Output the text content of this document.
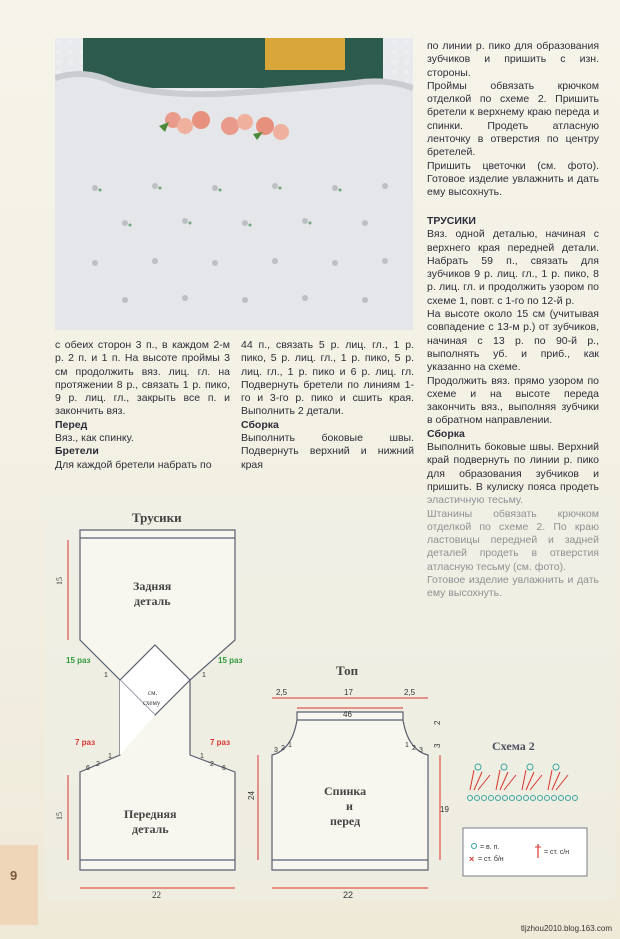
по линии р. пико для образования зубчиков и пришить с изн. стороны.

Проймы обвязать крючком отделкой по схеме 2. Пришить бретели к верхнему краю переда и спинки. Продеть атласную ленточку в отверстия по центру бретелей.

Пришить цветочки (см. фото). Готовое изделие увлажнить и дать ему высохнуть.

ТРУСИКИ

Вяз. одной деталью, начиная с верхнего края передней детали. Набрать 59 п., связать для зубчиков 9 р. лиц. гл., 1 р. пико, 8 р. лиц. гл. и продолжить узором по схеме 1, повт. с 1-го по 12-й р.

На высоте около 15 см (учитывая совпадение с 13-м р.) от зубчиков, начиная с 13 р. по 90-й р., выполнять уб. и приб., как указанно на схеме.

Продолжить вяз. прямо узором по схеме и на высоте переда закончить вяз., выполняя зубчики в обратном направлении.

Сборка

Выполнить боковые швы. Верхний край подвернуть по линии р. пико для образования зубчиков и пришить. В кулиску пояса продеть

с обеих сторон 3 п., в каждом 2-м р. 2 п. и 1 п. На высоте проймы 3 см продолжить вяз. лиц. гл. на протяжении 8 р., связать 1 р. пико, 9 р. лиц. гл., закрыть все п. и закончить вяз.

Перед

Вяз., как спинку.

Бретели

Для каждой бретели набрать по

44 п., связать 5 р. лиц. гл., 1 р. пико, 5 р. лиц. гл., 1 р. пико, 5 р. лиц. гл., 1 р. пико и 6 р. лиц. гл. Подвернуть бретели по линиям 1-го и 3-го р. пико и сшить края. Выполнить 2 детали.

Сборка

Выполнить боковые швы. Подвернуть верхний и нижний края

9
15
15
22
Трусики
Задняя
деталь
Передняя
деталь
см.
схему
15 раз	15 раз
7 раз	7 раз
1	1
1	1
6
2	2
6
Топ
Спинка
и
перед
2,5	17	2,5
46
24
3
2
19
22
3 2 1	1 2 3	Схема 2
= в. п.
× = ст. б/н
= ст. с/н
tljzhou2010.blog.163.com
